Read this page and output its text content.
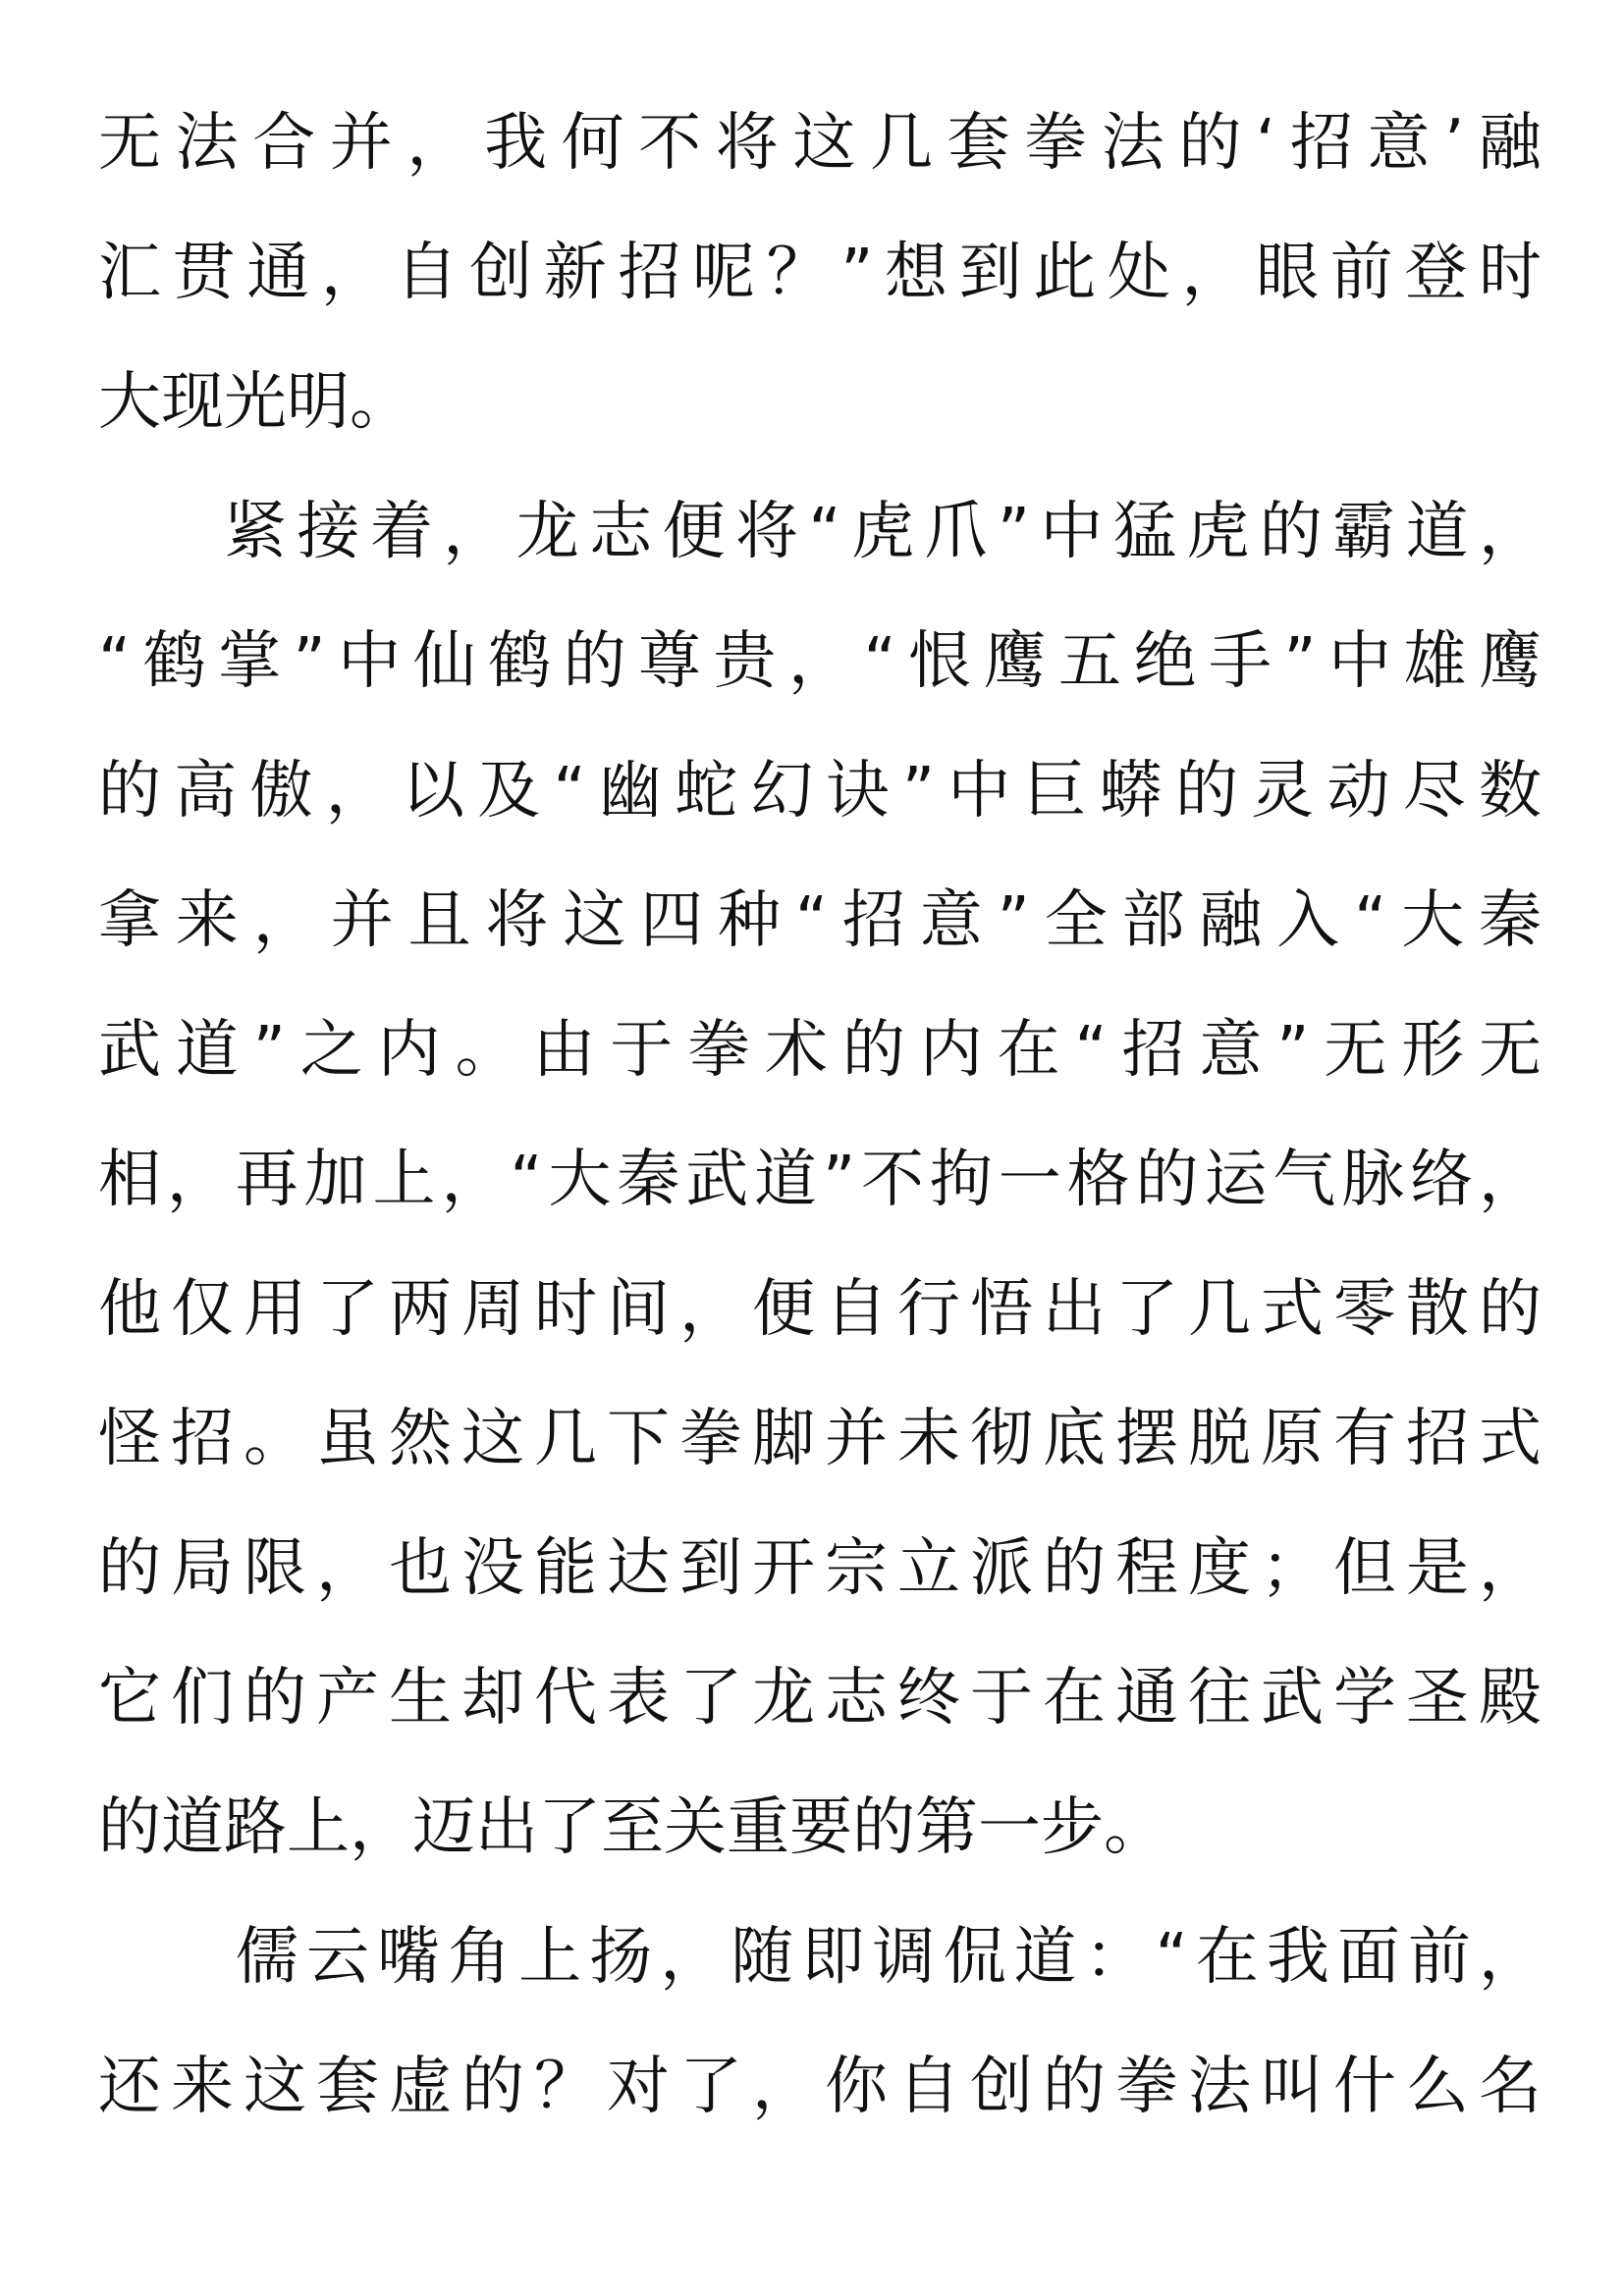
无法合并，我何不将这几套拳法的‘招意’融
汇贯通，自创新招呢？”想到此处，眼前登时
大现光明。
紧接着，龙志便将“虎爪”中猛虎的霸道，
“鹤掌”中仙鹤的尊贵，“恨鹰五绝手”中雄鹰
的高傲，以及“幽蛇幻诀”中巨蟒的灵动尽数
拿来，并且将这四种“招意”全部融入“大秦
武道”之内。由于拳术的内在“招意”无形无
相，再加上，“大秦武道”不拘一格的运气脉络，
他仅用了两周时间，便自行悟出了几式零散的
怪招。虽然这几下拳脚并未彻底摆脱原有招式
的局限，也没能达到开宗立派的程度；但是，
它们的产生却代表了龙志终于在通往武学圣殿
的道路上，迈出了至关重要的第一步。
儒云嘴角上扬，随即调侃道：“在我面前，
还来这套虚的？对了，你自创的拳法叫什么名
